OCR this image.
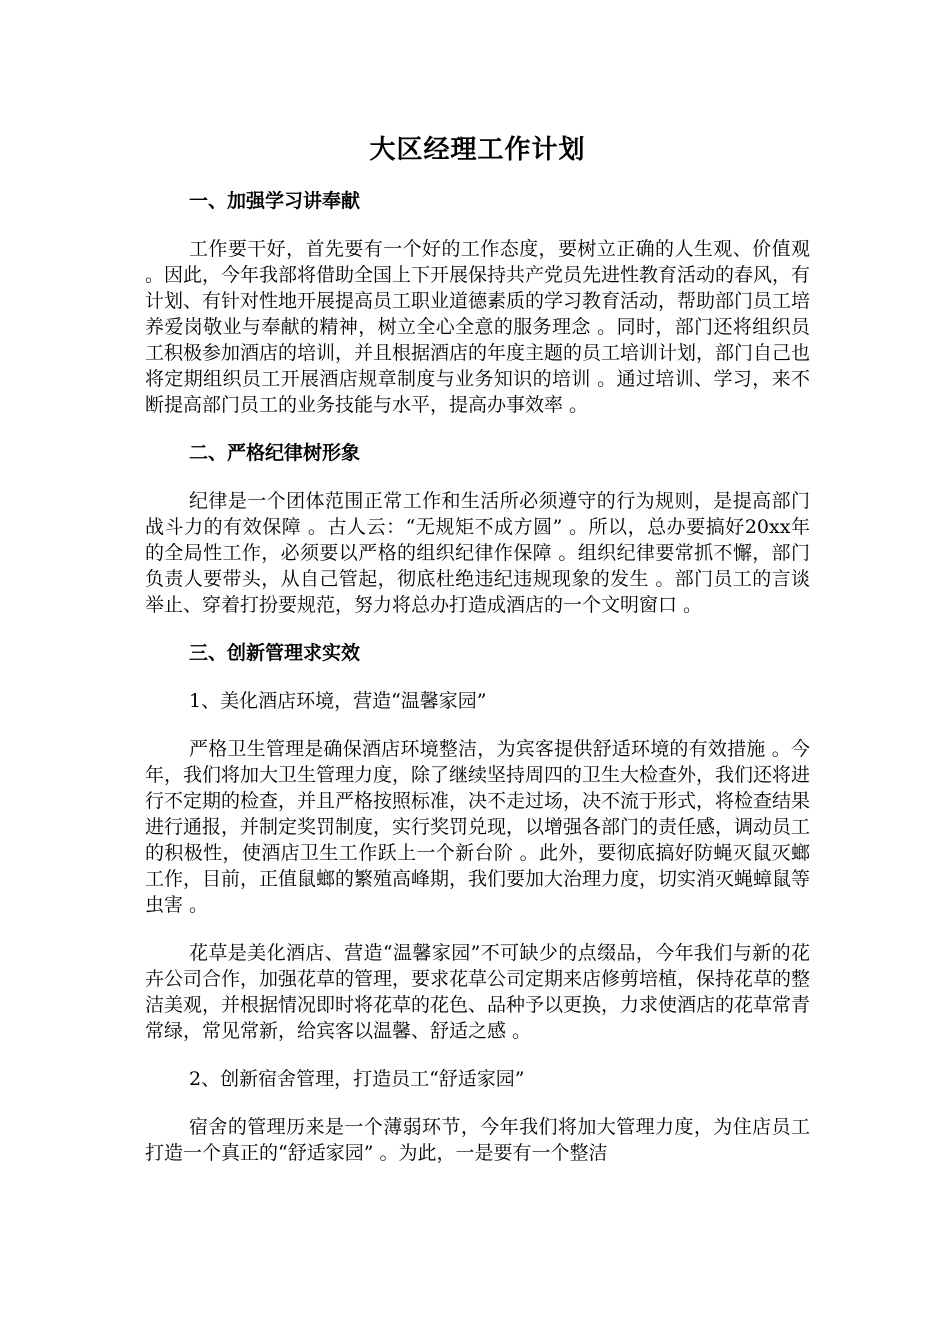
大区经理工作计划
一、加强学习讲奉献

工作要干好，首先要有一个好的工作态度，要树立正确的人生观、价值观 。因此，今年我部将借助全国上下开展保持共产党员先进性教育活动的春风，有计划、有针对性地开展提高员工职业道德素质的学习教育活动，帮助部门员工培养爱岗敬业与奉献的精神，树立全心全意的服务理念 。同时，部门还将组织员工积极参加酒店的培训，并且根据酒店的年度主题的员工培训计划，部门自己也将定期组织员工开展酒店规章制度与业务知识的培训 。通过培训、学习，来不断提高部门员工的业务技能与水平，提高办事效率 。

二、严格纪律树形象

纪律是一个团体范围正常工作和生活所必须遵守的行为规则，是提高部门战斗力的有效保障 。古人云：“无规矩不成方圆” 。所以，总办要搞好20xx年的全局性工作，必须要以严格的组织纪律作保障 。组织纪律要常抓不懈，部门负责人要带头，从自己管起，彻底杜绝违纪违规现象的发生 。部门员工的言谈举止、穿着打扮要规范，努力将总办打造成酒店的一个文明窗口 。

三、创新管理求实效
1、美化酒店环境，营造“温馨家园”

严格卫生管理是确保酒店环境整洁，为宾客提供舒适环境的有效措施 。今年，我们将加大卫生管理力度，除了继续坚持周四的卫生大检查外，我们还将进行不定期的检查，并且严格按照标准，决不走过场，决不流于形式，将检查结果进行通报，并制定奖罚制度，实行奖罚兑现，以增强各部门的责任感，调动员工的积极性，使酒店卫生工作跃上一个新台阶 。此外，要彻底搞好防蝇灭鼠灭螂工作，目前，正值鼠螂的繁殖高峰期，我们要加大治理力度，切实消灭蝇蟑鼠等虫害 。

花草是美化酒店、营造“温馨家园”不可缺少的点缀品，今年我们与新的花卉公司合作，加强花草的管理，要求花草公司定期来店修剪培植，保持花草的整洁美观，并根据情况即时将花草的花色、品种予以更换，力求使酒店的花草常青常绿，常见常新，给宾客以温馨、舒适之感 。

2、创新宿舍管理，打造员工“舒适家园”

宿舍的管理历来是一个薄弱环节，今年我们将加大管理力度，为住店员工打造一个真正的“舒适家园” 。为此，一是要有一个整洁
